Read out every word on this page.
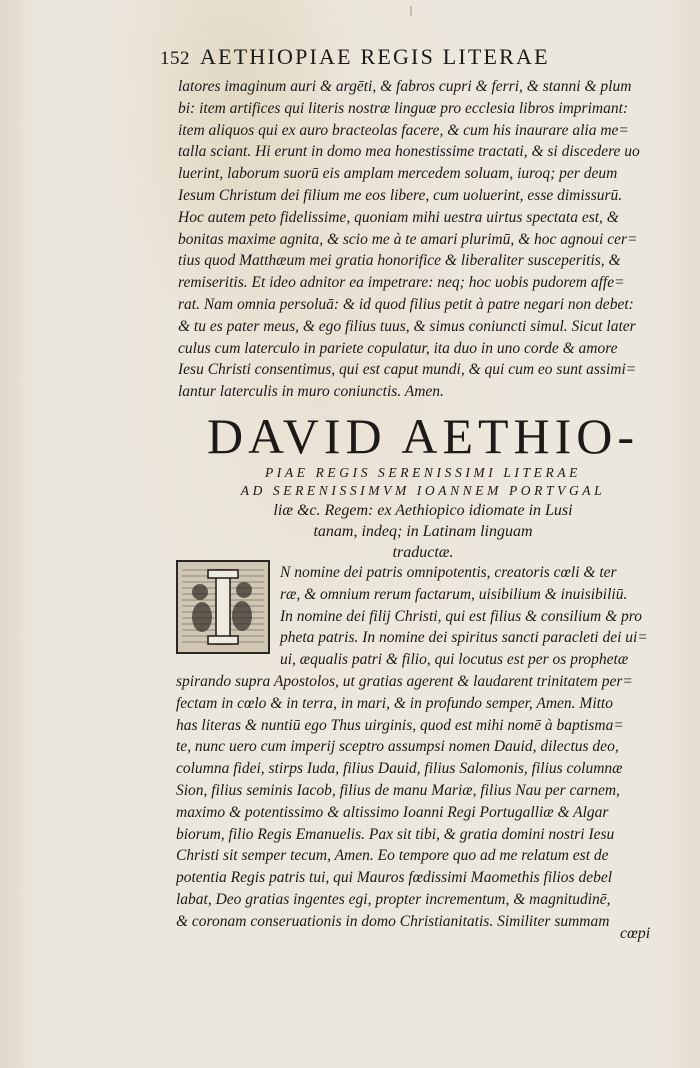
152 AETHIOPIAE REGIS LITERAE
latores imaginum auri & argēti, & fabros cupri & ferri, & stanni & plum
bi: item artifices qui literis nostræ linguæ pro ecclesia libros imprimant:
item aliquos qui ex auro bracteolas facere, & cum his inaurare alia me=
talla sciant. Hi erunt in domo mea honestissime tractati, & si discedere uo
luerint, laborum suorū eis amplam mercedem soluam, iuroq; per deum
Iesum Christum dei filium me eos libere, cum uoluerint, esse dimissurū.
Hoc autem peto fidelissime, quoniam mihi uestra uirtus spectata est, &
bonitas maxime agnita, & scio me à te amari plurimū, & hoc agnoui cer=
tius quod Matthæum mei gratia honorifice & liberaliter susceperitis, &
remiseritis. Et ideo adnitor ea impetrare: neq; hoc uobis pudorem affe=
rat. Nam omnia persoluā: & id quod filius petit à patre negari non debet:
& tu es pater meus, & ego filius tuus, & simus coniuncti simul. Sicut later
culus cum laterculo in pariete copulatur, ita duo in uno corde & amore
Iesu Christi consentimus, qui est caput mundi, & qui cum eo sunt assimi=
lantur laterculis in muro coniunctis. Amen.
DAVID AETHIO-
PIAE REGIS SERENISSIMI LITERAE
AD SERENISSIMVM IOANNEM PORTVGAL
liæ &c. Regem: ex Aethiopico idiomate in Lusi
tanam, indeq; in Latinam linguam
traductæ.
N nomine dei patris omnipotentis, creatoris cœli & ter
ræ, & omnium rerum factarum, uisibilium & inuisibiliū.
In nomine dei filij Christi, qui est filius & consilium & pro
pheta patris. In nomine dei spiritus sancti paracleti dei ui=
ui, æqualis patri & filio, qui locutus est per os prophetæ
spirando supra Apostolos, ut gratias agerent & laudarent trinitatem per=
fectam in cœlo & in terra, in mari, & in profundo semper, Amen. Mitto
has literas & nuntiū ego Thus uirginis, quod est mihi nomē à baptisma=
te, nunc uero cum imperij sceptro assumpsi nomen Dauid, dilectus deo,
columna fidei, stirps Iuda, filius Dauid, filius Salomonis, filius columnæ
Sion, filius seminis Iacob, filius de manu Mariæ, filius Nau per carnem,
maximo & potentissimo & altissimo Ioanni Regi Portugalliæ & Algar
biorum, filio Regis Emanuelis. Pax sit tibi, & gratia domini nostri Iesu
Christi sit semper tecum, Amen. Eo tempore quo ad me relatum est de
potentia Regis patris tui, qui Mauros fœdissimi Maomethis filios debel
labat, Deo gratias ingentes egi, propter incrementum, & magnitudinē,
& coronam conseruationis in domo Christianitatis. Similiter summam
cœpi
